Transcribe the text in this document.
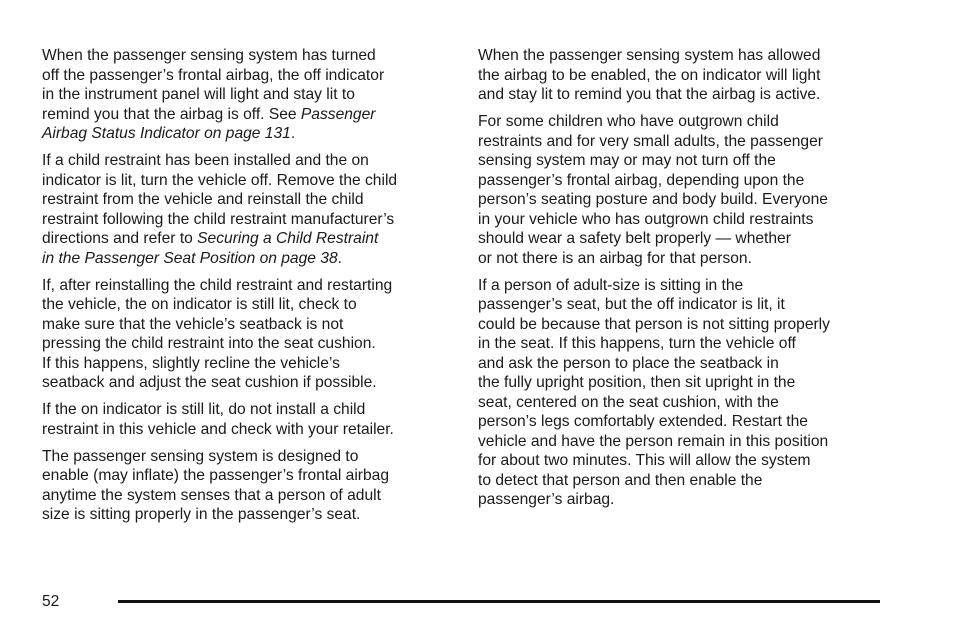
When the passenger sensing system has turned
off the passenger’s frontal airbag, the off indicator
in the instrument panel will light and stay lit to
remind you that the airbag is off. See Passenger
Airbag Status Indicator on page 131.

If a child restraint has been installed and the on
indicator is lit, turn the vehicle off. Remove the child
restraint from the vehicle and reinstall the child
restraint following the child restraint manufacturer’s
directions and refer to Securing a Child Restraint
in the Passenger Seat Position on page 38.

If, after reinstalling the child restraint and restarting
the vehicle, the on indicator is still lit, check to
make sure that the vehicle’s seatback is not
pressing the child restraint into the seat cushion.
If this happens, slightly recline the vehicle’s
seatback and adjust the seat cushion if possible.

If the on indicator is still lit, do not install a child
restraint in this vehicle and check with your retailer.

The passenger sensing system is designed to
enable (may inflate) the passenger’s frontal airbag
anytime the system senses that a person of adult
size is sitting properly in the passenger’s seat.

When the passenger sensing system has allowed
the airbag to be enabled, the on indicator will light
and stay lit to remind you that the airbag is active.

For some children who have outgrown child
restraints and for very small adults, the passenger
sensing system may or may not turn off the
passenger’s frontal airbag, depending upon the
person’s seating posture and body build. Everyone
in your vehicle who has outgrown child restraints
should wear a safety belt properly — whether
or not there is an airbag for that person.

If a person of adult-size is sitting in the
passenger’s seat, but the off indicator is lit, it
could be because that person is not sitting properly
in the seat. If this happens, turn the vehicle off
and ask the person to place the seatback in
the fully upright position, then sit upright in the
seat, centered on the seat cushion, with the
person’s legs comfortably extended. Restart the
vehicle and have the person remain in this position
for about two minutes. This will allow the system
to detect that person and then enable the
passenger’s airbag.

52
